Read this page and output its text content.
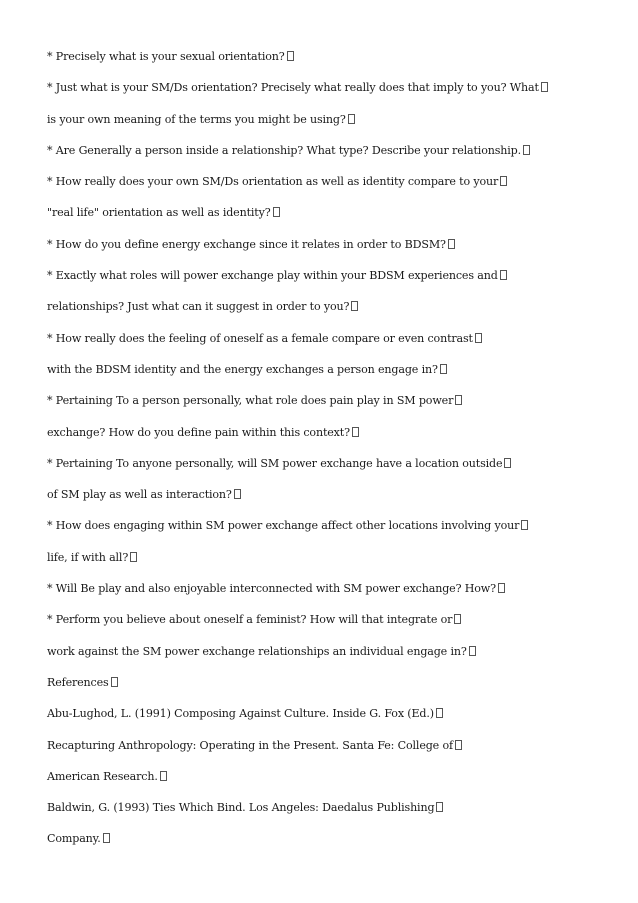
* Precisely what is your sexual orientation?
* Just what is your SM/Ds orientation? Precisely what really does that imply to you? What
is your own meaning of the terms you might be using?
* Are Generally a person inside a relationship? What type? Describe your relationship.
* How really does your own SM/Ds orientation as well as identity compare to your
"real life" orientation as well as identity?
* How do you define energy exchange since it relates in order to BDSM?
* Exactly what roles will power exchange play within your BDSM experiences and
relationships? Just what can it suggest in order to you?
* How really does the feeling of oneself as a female compare or even contrast
with the BDSM identity and the energy exchanges a person engage in?
* Pertaining To a person personally, what role does pain play in SM power
exchange? How do you define pain within this context?
* Pertaining To anyone personally, will SM power exchange have a location outside
of SM play as well as interaction?
* How does engaging within SM power exchange affect other locations involving your
life, if with all?
* Will Be play and also enjoyable interconnected with SM power exchange? How?
* Perform you believe about oneself a feminist? How will that integrate or
work against the SM power exchange relationships an individual engage in?
References
Abu-Lughod, L. (1991) Composing Against Culture. Inside G. Fox (Ed.)
Recapturing Anthropology: Operating in the Present. Santa Fe: College of
American Research.
Baldwin, G. (1993) Ties Which Bind. Los Angeles: Daedalus Publishing
Company.
